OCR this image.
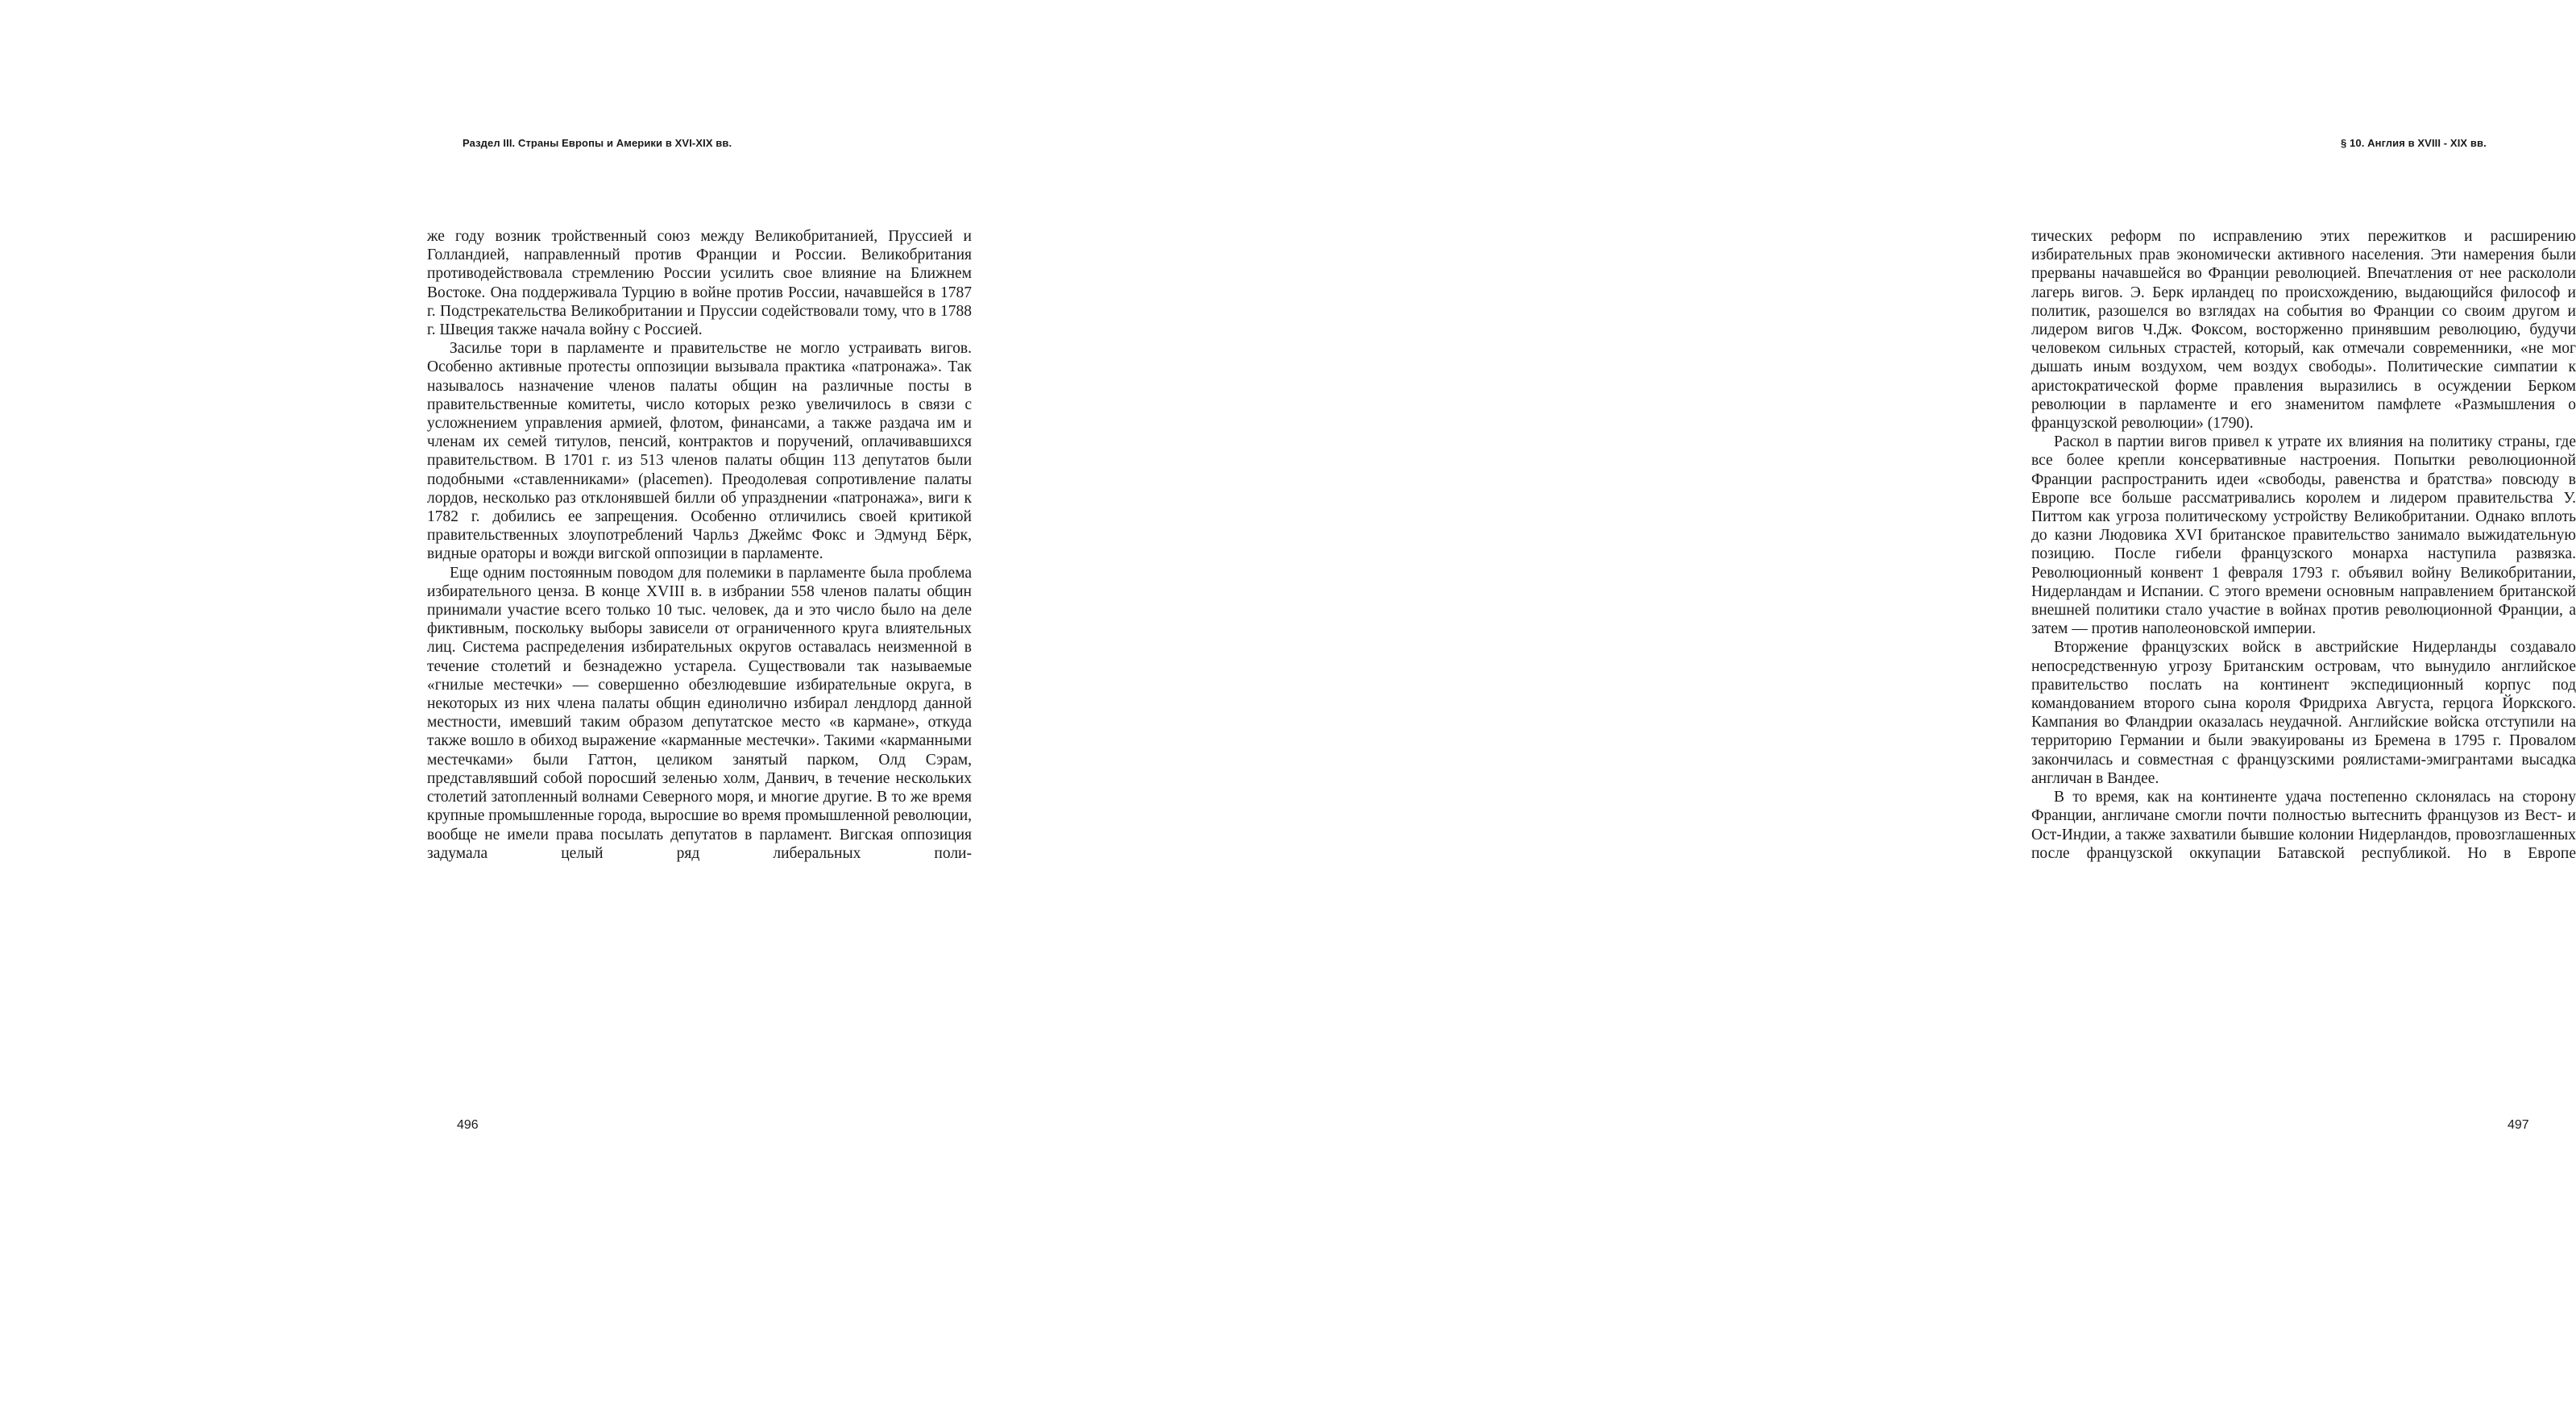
Раздел III. Страны Европы и Америки в XVI-XIX вв.

же году возник тройственный союз между Великобританией, Пруссией и Голландией, направленный против Франции и России. Великобритания противодействовала стремлению России усилить свое влияние на Ближнем Востоке. Она поддерживала Турцию в войне против России, начавшейся в 1787 г. Подстрекательства Великобритании и Пруссии содействовали тому, что в 1788 г. Швеция также начала войну с Россией.

Засилье тори в парламенте и правительстве не могло устраивать вигов. Особенно активные протесты оппозиции вызывала практика «патронажа». Так называлось назначение членов палаты общин на различные посты в правительственные комитеты, число которых резко увеличилось в связи с усложнением управления армией, флотом, финансами, а также раздача им и членам их семей титулов, пенсий, контрактов и поручений, оплачивавшихся правительством. В 1701 г. из 513 членов палаты общин 113 депутатов были подобными «ставленниками» (placemen). Преодолевая сопротивление палаты лордов, несколько раз отклонявшей билли об упразднении «патронажа», виги к 1782 г. добились ее запрещения. Особенно отличились своей критикой правительственных злоупотреблений Чарльз Джеймс Фокс и Эдмунд Бёрк, видные ораторы и вожди вигской оппозиции в парламенте.

Еще одним постоянным поводом для полемики в парламенте была проблема избирательного ценза. В конце XVIII в. в избрании 558 членов палаты общин принимали участие всего только 10 тыс. человек, да и это число было на деле фиктивным, поскольку выборы зависели от ограниченного круга влиятельных лиц. Система распределения избирательных округов оставалась неизменной в течение столетий и безнадежно устарела. Существовали так называемые «гнилые местечки» — совершенно обезлюдевшие избирательные округа, в некоторых из них члена палаты общин единолично избирал лендлорд данной местности, имевший таким образом депутатское место «в кармане», откуда также вошло в обиход выражение «карманные местечки». Такими «карманными местечками» были Гаттон, целиком занятый парком, Олд Сэрам, представлявший собой поросший зеленью холм, Данвич, в течение нескольких столетий затопленный волнами Северного моря, и многие другие. В то же время крупные промышленные города, выросшие во время промышленной революции, вообще не имели права посылать депутатов в парламент. Вигская оппозиция задумала целый ряд либеральных поли-

496
§ 10. Англия в XVIII - XIX вв.

тических реформ по исправлению этих пережитков и расширению избирательных прав экономически активного населения. Эти намерения были прерваны начавшейся во Франции революцией. Впечатления от нее раскололи лагерь вигов. Э. Берк ирландец по происхождению, выдающийся философ и политик, разошелся во взглядах на события во Франции со своим другом и лидером вигов Ч.Дж. Фоксом, восторженно принявшим революцию, будучи человеком сильных страстей, который, как отмечали современники, «не мог дышать иным воздухом, чем воздух свободы». Политические симпатии к аристократической форме правления выразились в осуждении Берком революции в парламенте и его знаменитом памфлете «Размышления о французской революции» (1790).

Раскол в партии вигов привел к утрате их влияния на политику страны, где все более крепли консервативные настроения. Попытки революционной Франции распространить идеи «свободы, равенства и братства» повсюду в Европе все больше рассматривались королем и лидером правительства У. Питтом как угроза политическому устройству Великобритании. Однако вплоть до казни Людовика XVI британское правительство занимало выжидательную позицию. После гибели французского монарха наступила развязка. Революционный конвент 1 февраля 1793 г. объявил войну Великобритании, Нидерландам и Испании. С этого времени основным направлением британской внешней политики стало участие в войнах против революционной Франции, а затем — против наполеоновской империи.

Вторжение французских войск в австрийские Нидерланды создавало непосредственную угрозу Британским островам, что вынудило английское правительство послать на континент экспедиционный корпус под командованием второго сына короля Фридриха Августа, герцога Йоркского. Кампания во Фландрии оказалась неудачной. Английские войска отступили на территорию Германии и были эвакуированы из Бремена в 1795 г. Провалом закончилась и совместная с французскими роялистами-эмигрантами высадка англичан в Вандее.

В то время, как на континенте удача постепенно склонялась на сторону Франции, англичане смогли почти полностью вытеснить французов из Вест- и Ост-Индии, а также захватили бывшие колонии Нидерландов, провозглашенных после французской оккупации Батавской республикой. Но в Европе

497
